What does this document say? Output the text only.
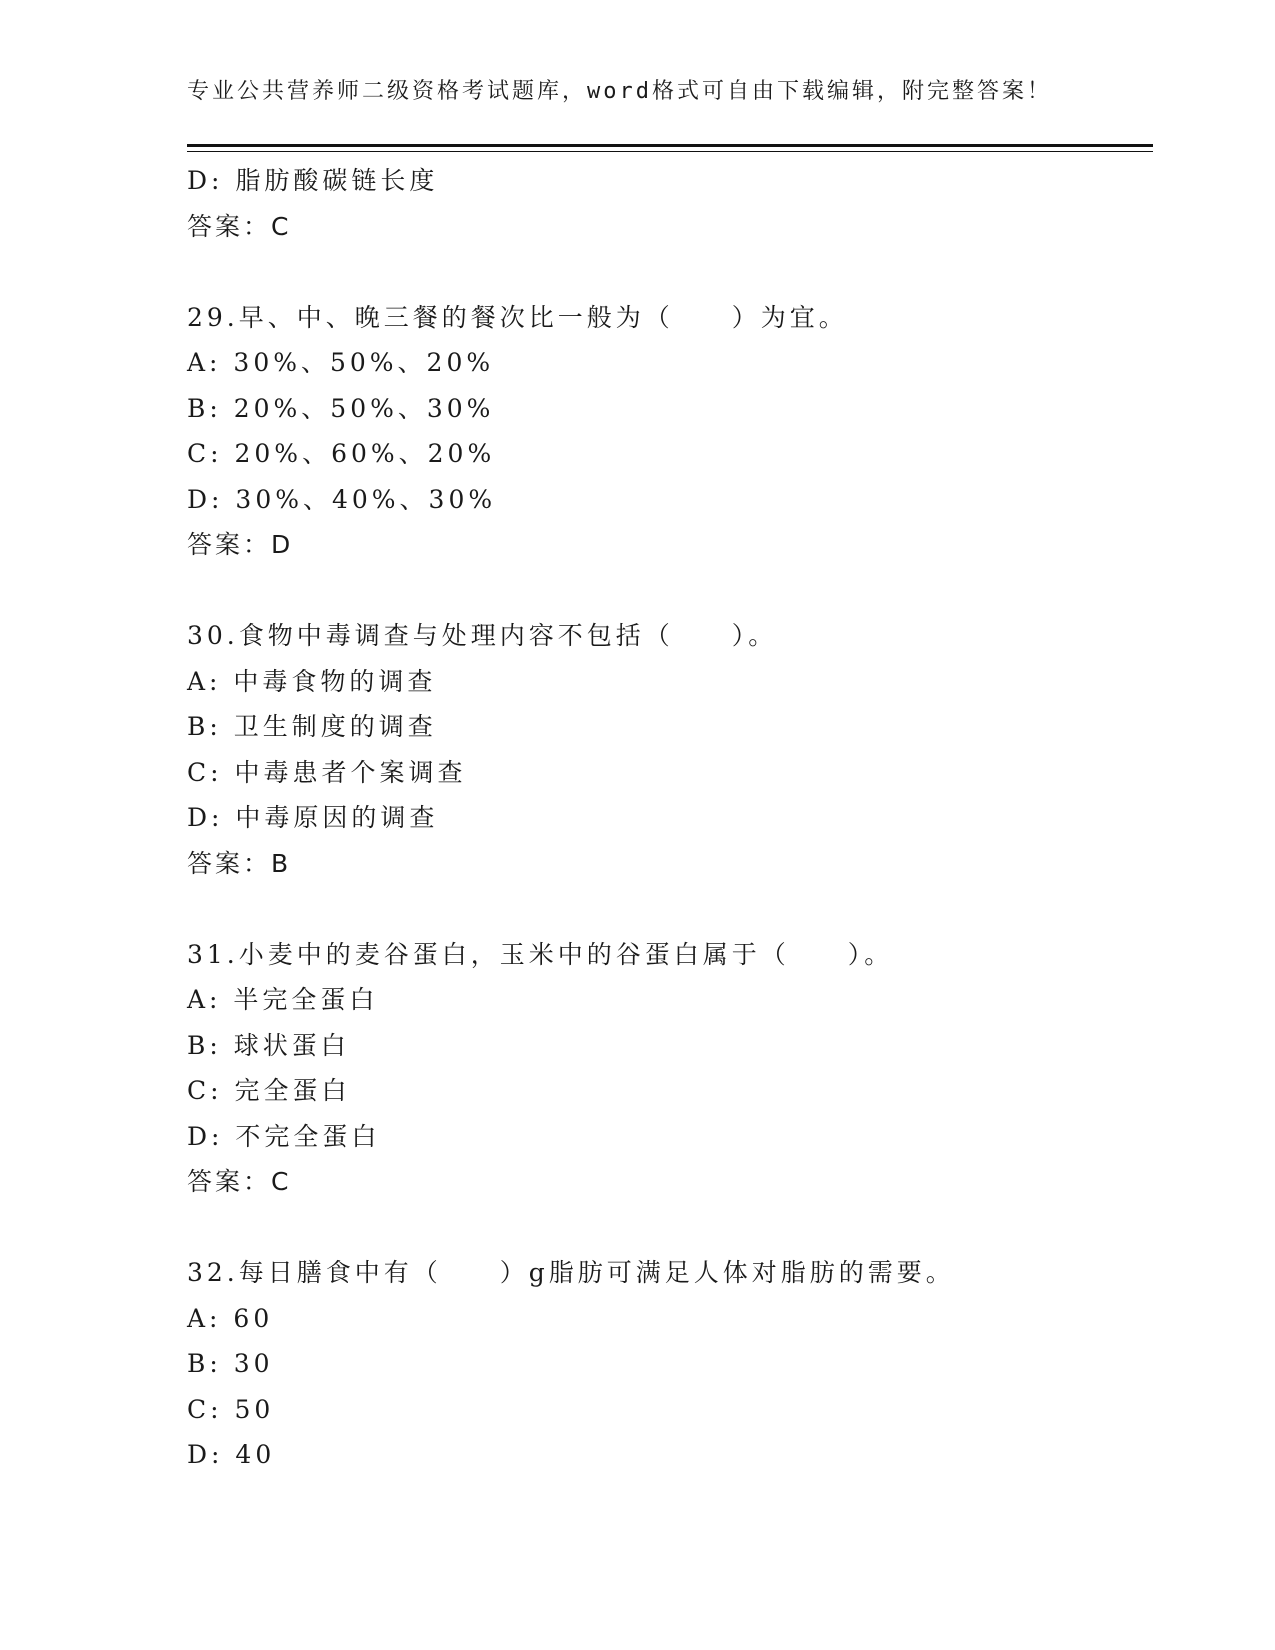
专业公共营养师二级资格考试题库，word格式可自由下载编辑，附完整答案！
D: 脂肪酸碳链长度
答案：C
29.早、中、晚三餐的餐次比一般为（　　）为宜。
A: 30%、50%、20%
B: 20%、50%、30%
C: 20%、60%、20%
D: 30%、40%、30%
答案：D
30.食物中毒调查与处理内容不包括（　　）。
A: 中毒食物的调查
B: 卫生制度的调查
C: 中毒患者个案调查
D: 中毒原因的调查
答案：B
31.小麦中的麦谷蛋白，玉米中的谷蛋白属于（　　）。
A: 半完全蛋白
B: 球状蛋白
C: 完全蛋白
D: 不完全蛋白
答案：C
32.每日膳食中有（　　）g脂肪可满足人体对脂肪的需要。
A: 60
B: 30
C: 50
D: 40
